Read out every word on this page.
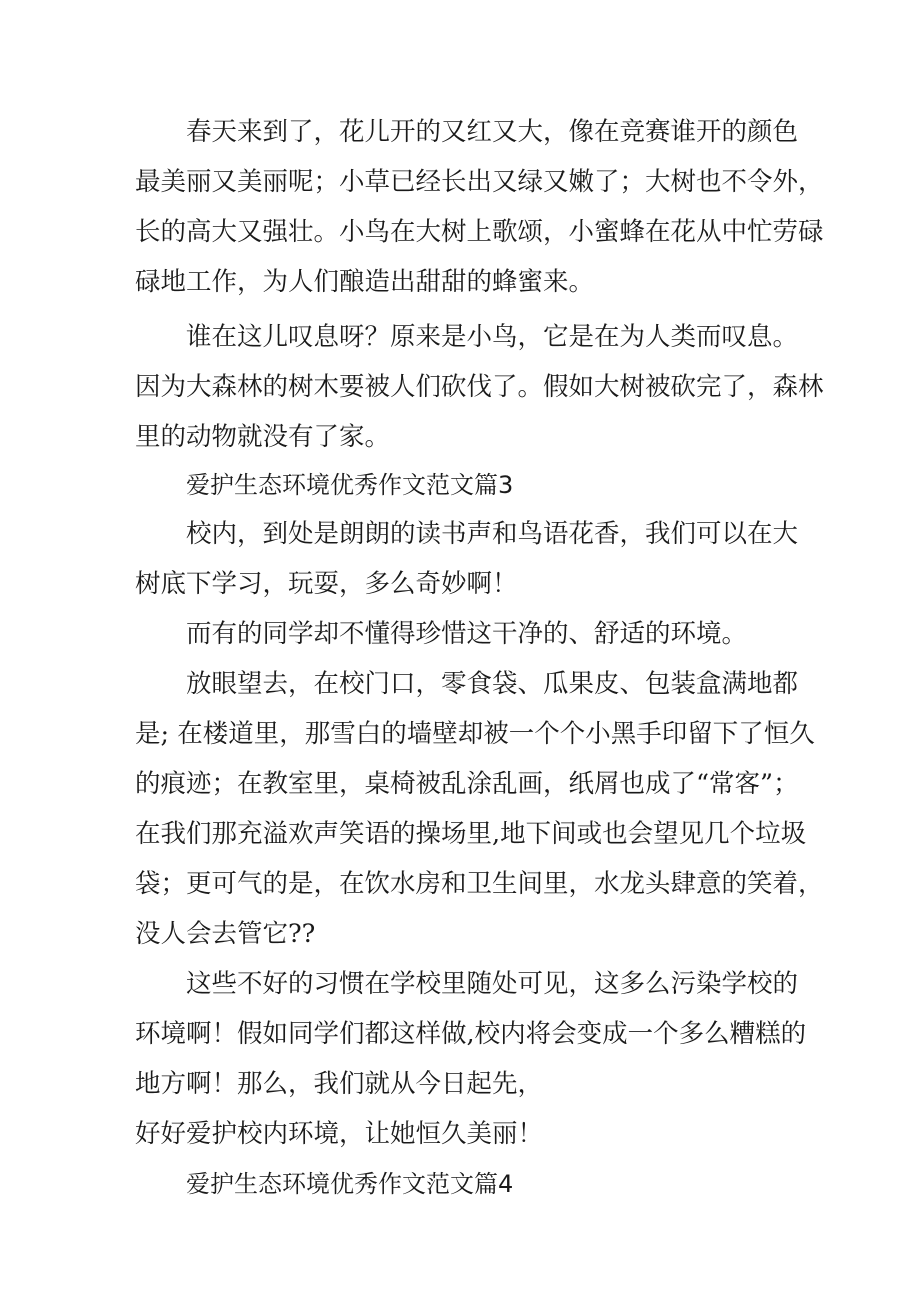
春天来到了，花儿开的又红又大，像在竞赛谁开的颜色
最美丽又美丽呢；小草已经长出又绿又嫩了；大树也不令外，
长的高大又强壮。小鸟在大树上歌颂，小蜜蜂在花从中忙劳碌
碌地工作，为人们酿造出甜甜的蜂蜜来。
谁在这儿叹息呀？原来是小鸟，它是在为人类而叹息。
因为大森林的树木要被人们砍伐了。假如大树被砍完了，森林
里的动物就没有了家。
爱护生态环境优秀作文范文篇3
校内，到处是朗朗的读书声和鸟语花香，我们可以在大
树底下学习，玩耍，多么奇妙啊！
而有的同学却不懂得珍惜这干净的、舒适的环境。
放眼望去，在校门口，零食袋、瓜果皮、包装盒满地都
是; 在楼道里，那雪白的墙壁却被一个个小黑手印留下了恒久
的痕迹；在教室里，桌椅被乱涂乱画，纸屑也成了“常客”；
在我们那充溢欢声笑语的操场里,地下间或也会望见几个垃圾
袋；更可气的是，在饮水房和卫生间里，水龙头肆意的笑着，
没人会去管它??
这些不好的习惯在学校里随处可见，这多么污染学校的
环境啊！假如同学们都这样做,校内将会变成一个多么糟糕的
地方啊！那么，我们就从今日起先，
好好爱护校内环境，让她恒久美丽！
爱护生态环境优秀作文范文篇4
